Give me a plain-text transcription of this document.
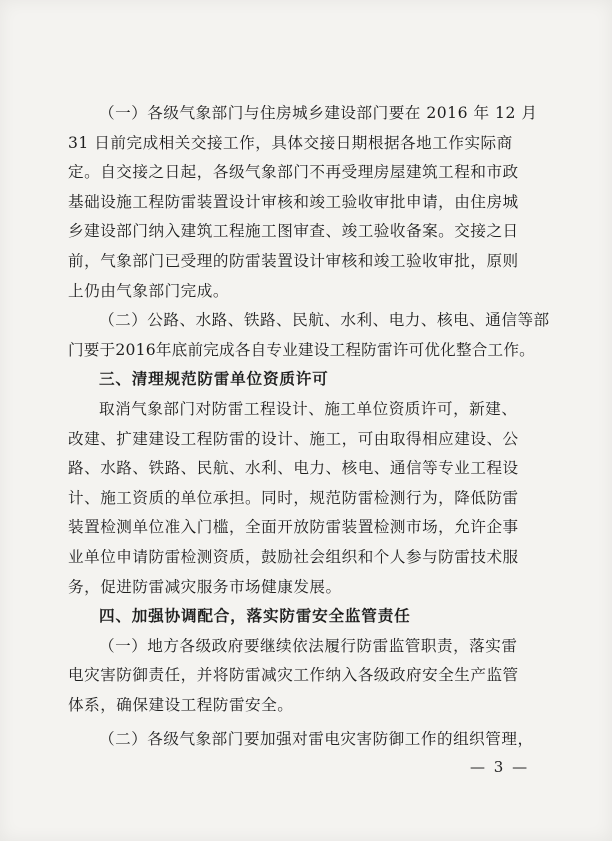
（一）各级气象部门与住房城乡建设部门要在 2016 年 12 月
31 日前完成相关交接工作，具体交接日期根据各地工作实际商
定。自交接之日起，各级气象部门不再受理房屋建筑工程和市政
基础设施工程防雷装置设计审核和竣工验收审批申请，由住房城
乡建设部门纳入建筑工程施工图审查、竣工验收备案。交接之日
前，气象部门已受理的防雷装置设计审核和竣工验收审批，原则
上仍由气象部门完成。
（二）公路、水路、铁路、民航、水利、电力、核电、通信等部
门要于2016年底前完成各自专业建设工程防雷许可优化整合工作。
三、清理规范防雷单位资质许可
取消气象部门对防雷工程设计、施工单位资质许可，新建、
改建、扩建建设工程防雷的设计、施工，可由取得相应建设、公
路、水路、铁路、民航、水利、电力、核电、通信等专业工程设
计、施工资质的单位承担。同时，规范防雷检测行为，降低防雷
装置检测单位准入门槛，全面开放防雷装置检测市场，允许企事
业单位申请防雷检测资质，鼓励社会组织和个人参与防雷技术服
务，促进防雷减灾服务市场健康发展。
四、加强协调配合，落实防雷安全监管责任
（一）地方各级政府要继续依法履行防雷监管职责，落实雷
电灾害防御责任，并将防雷减灾工作纳入各级政府安全生产监管
体系，确保建设工程防雷安全。
（二）各级气象部门要加强对雷电灾害防御工作的组织管理，
— 3 —
